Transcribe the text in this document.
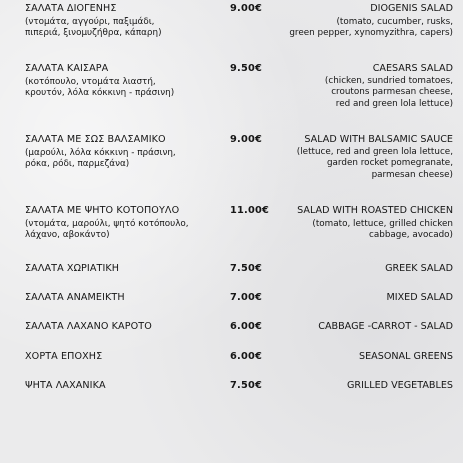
ΣΑΛΑΤΑ ΔΙΟΓΕΝΗΣ
(ντομάτα, αγγούρι, παξιμάδι,
πιπεριά, ξινομυζήθρα, κάπαρη)
9.00€	DIOGENIS SALAD
(tomato, cucumber, rusks,
green pepper, xynomyzithra, capers)
ΣΑΛΑΤΑ ΚΑΙΣΑΡΑ
(κοτόπουλο, ντομάτα λιαστή,
κρουτόν, λόλα κόκκινη - πράσινη)
9.50€	CAESARS SALAD
(chicken, sundried tomatoes,
croutons parmesan cheese,
red and green lola lettuce)
ΣΑΛΑΤΑ ΜΕ ΣΩΣ ΒΑΛΣΑΜΙΚΟ
(μαρούλι, λόλα κόκκινη - πράσινη,
ρόκα, ρόδι, παρμεζάνα)
9.00€	SALAD WITH BALSAMIC SAUCE
(lettuce, red and green lola lettuce,
garden rocket pomegranate,
parmesan cheese)
ΣΑΛΑΤΑ ΜΕ ΨΗΤΟ ΚΟΤΟΠΟΥΛΟ
(ντομάτα, μαρούλι, ψητό κοτόπουλο,
λάχανο, αβοκάντο)
11.00€	SALAD WITH ROASTED CHICKEN
(tomato, lettuce, grilled chicken
cabbage, avocado)
ΣΑΛΑΤΑ ΧΩΡΙΑΤΙΚΗ	7.50€	GREEK SALAD
ΣΑΛΑΤΑ ΑΝΑΜΕΙΚΤΗ	7.00€	MIXED SALAD
ΣΑΛΑΤΑ ΛΑΧΑΝΟ ΚΑΡΟΤΟ	6.00€	CABBAGE -CARROT - SALAD
ΧΟΡΤΑ ΕΠΟΧΗΣ	6.00€	SEASONAL GREENS
ΨΗΤΑ ΛΑΧΑΝΙΚΑ	7.50€	GRILLED VEGETABLES
